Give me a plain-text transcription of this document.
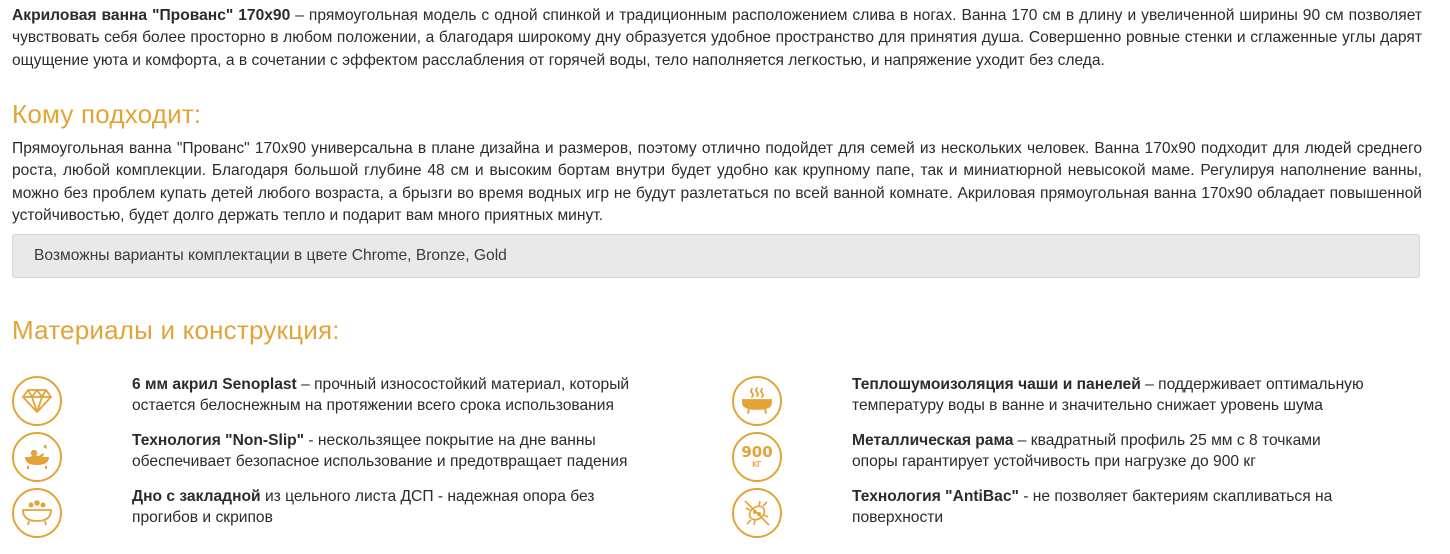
Акриловая ванна "Прованс" 170х90 – прямоугольная модель с одной спинкой и традиционным расположением слива в ногах. Ванна 170 см в длину и увеличенной ширины 90 см позволяет чувствовать себя более просторно в любом положении, а благодаря широкому дну образуется удобное пространство для принятия душа. Совершенно ровные стенки и сглаженные углы дарят ощущение уюта и комфорта, а в сочетании с эффектом расслабления от горячей воды, тело наполняется легкостью, и напряжение уходит без следа.

Кому подходит:

Прямоугольная ванна "Прованс" 170х90 универсальна в плане дизайна и размеров, поэтому отлично подойдет для семей из нескольких человек. Ванна 170х90 подходит для людей среднего роста, любой комплекции. Благодаря большой глубине 48 см и высоким бортам внутри будет удобно как крупному папе, так и миниатюрной невысокой маме. Регулируя наполнение ванны, можно без проблем купать детей любого возраста, а брызги во время водных игр не будут разлетаться по всей ванной комнате. Акриловая прямоугольная ванна 170х90 обладает повышенной устойчивостью, будет долго держать тепло и подарит вам много приятных минут.

Возможны варианты комплектации в цвете Chrome, Bronze, Gold
Материалы и конструкция:
6 мм акрил Senoplast – прочный износостойкий материал, который
остается белоснежным на протяжении всего срока использования
Технология "Non-Slip" - нескользящее покрытие на дне ванны
обеспечивает безопасное использование и предотвращает падения
Дно с закладной из цельного листа ДСП - надежная опора без
прогибов и скрипов
Теплошумоизоляция чаши и панелей – поддерживает оптимальную
температуру воды в ванне и значительно снижает уровень шума
900
КГ
Металлическая рама – квадратный профиль 25 мм с 8 точками
опоры гарантирует устойчивость при нагрузке до 900 кг
Технология "AntiBac" - не позволяет бактериям скапливаться на
поверхности
